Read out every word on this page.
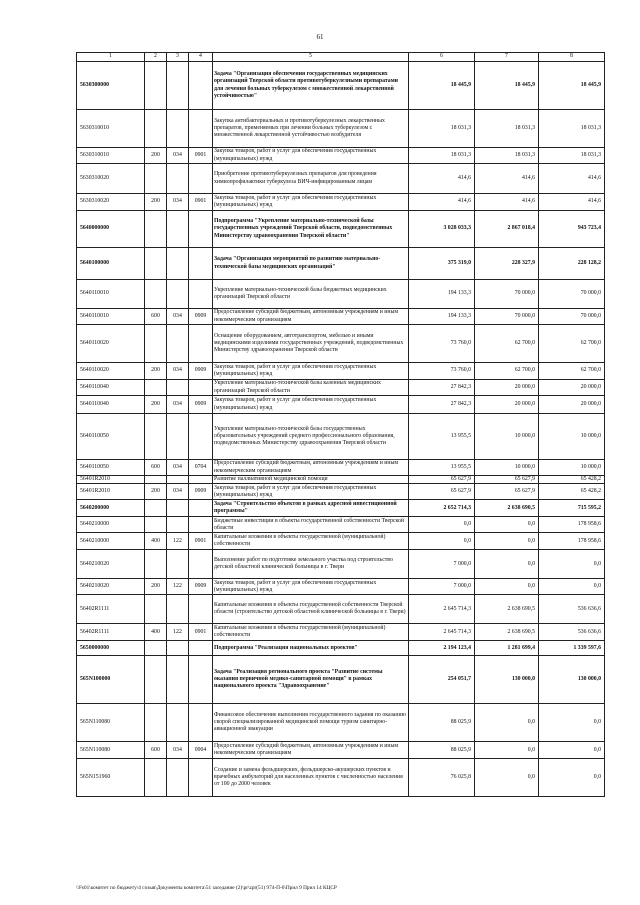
61
1	2	3	4	5	6	7	8
5630300000				Задача "Организация обеспечения государственных медицинских организаций Тверской области противотуберкулезными препаратами для лечения больных туберкулезом с множественной лекарственной устойчивостью"	18 445,9	18 445,9	18 445,9
5630310010				Закупка антибактериальных и противотуберкулезных лекарственных препаратов, применяемых при лечении больных туберкулезом с множественной лекарственной устойчивостью возбудителя	18 031,3	18 031,3	18 031,3
5630310010	200	034	0901	Закупка товаров, работ и услуг для обеспечения государственных (муниципальных) нужд	18 031,3	18 031,3	18 031,3
5630310020				Приобретение противотуберкулезных препаратов для проведения химиопрофилактики туберкулеза ВИЧ-инфицированным лицам	414,6	414,6	414,6
5630310020	200	034	0901	Закупка товаров, работ и услуг для обеспечения государственных (муниципальных) нужд	414,6	414,6	414,6
5640000000				Подпрограмма "Укрепление материально-технической базы государственных учреждений Тверской области, подведомственных Министерству здравоохранения Тверской области"	3 028 033,3	2 867 018,4	943 723,4
5640100000				Задача "Организация мероприятий по развитию материально-технической базы медицинских организаций"	375 319,0	228 327,9	228 128,2
5640110010				Укрепление материально-технической базы бюджетных медицинских организаций Тверской области	194 133,3	70 000,0	70 000,0
5640110010	600	034	0909	Предоставление субсидий бюджетным, автономным учреждениям и иным некоммерческим организациям	194 133,3	70 000,0	70 000,0
5640110020				Оснащение оборудованием, автотранспортом, мебелью и иными медицинскими изделиями государственных учреждений, подведомственных Министерству здравоохранения Тверской области	73 760,0	62 700,0	62 700,0
5640110020	200	034	0909	Закупка товаров, работ и услуг для обеспечения государственных (муниципальных) нужд	73 760,0	62 700,0	62 700,0
5640110040				Укрепление материально-технической базы казенных медицинских организаций Тверской области	27 842,3	20 000,0	20 000,0
5640110040	200	034	0909	Закупка товаров, работ и услуг для обеспечения государственных (муниципальных) нужд	27 842,3	20 000,0	20 000,0
5640110050				Укрепление материально-технической базы государственных образовательных учреждений среднего профессионального образования, подведомственных Министерству здравоохранения Тверской области	13 955,5	10 000,0	10 000,0
5640110050	600	034	0704	Предоставление субсидий бюджетным, автономным учреждениям и иным некоммерческим организациям	13 955,5	10 000,0	10 000,0
56401R2010				Развитие паллиативной медицинской помощи	65 627,9	65 627,9	65 428,2
56401R2010	200	034	0909	Закупка товаров, работ и услуг для обеспечения государственных (муниципальных) нужд	65 627,9	65 627,9	65 428,2
5640200000				Задача "Строительство объектов в рамках адресной инвестиционной программы"	2 652 714,3	2 638 690,5	715 595,2
5640210000				Бюджетные инвестиции в объекты государственной собственности Тверской области	0,0	0,0	178 958,6
5640210000	400	122	0901	Капитальные вложения в объекты государственной (муниципальной) собственности	0,0	0,0	178 958,6
5640210020				Выполнение работ по подготовке земельного участка под строительство детской областной клинической больницы в г. Твери	7 000,0	0,0	0,0
5640210020	200	122	0909	Закупка товаров, работ и услуг для обеспечения государственных (муниципальных) нужд	7 000,0	0,0	0,0
56402R1111				Капитальные вложения в объекты государственной собственности Тверской области (строительство детской областной клинической больницы в г. Твери)	2 645 714,3	2 638 690,5	536 636,6
56402R1111	400	122	0901	Капитальные вложения в объекты государственной (муниципальной) собственности	2 645 714,3	2 638 690,5	536 636,6
5650000000				Подпрограмма "Реализация национальных проектов"	2 194 123,4	1 281 699,4	1 339 597,6
565N100000				Задача "Реализация регионального проекта "Развитие системы оказания первичной медико-санитарной помощи" в рамках национального проекта "Здравоохранение"	254 051,7	130 000,0	130 000,0
565N110080				Финансовое обеспечение выполнения государственного задания по оказанию скорой специализированной медицинской помощи туризм санитарно-авиационной эвакуации	88 025,9	0,0	0,0
565N110080	600	034	0904	Предоставление субсидий бюджетным, автономным учреждениям и иным некоммерческим организациям	88 025,9	0,0	0,0
565N151960				Создание и замена фельдшерских, фельдшерско-акушерских пунктов и врачебных амбулаторий для населенных пунктов с численностью населения от 100 до 2000 человек	76 025,8	0,0	0,0
\\Fs01\комитет по бюджету\4 созыв\Документы комитета\51 заседание (2)\pr\zpr(51) 974-П-6\Прил 9 Прил 14 КЦСР
